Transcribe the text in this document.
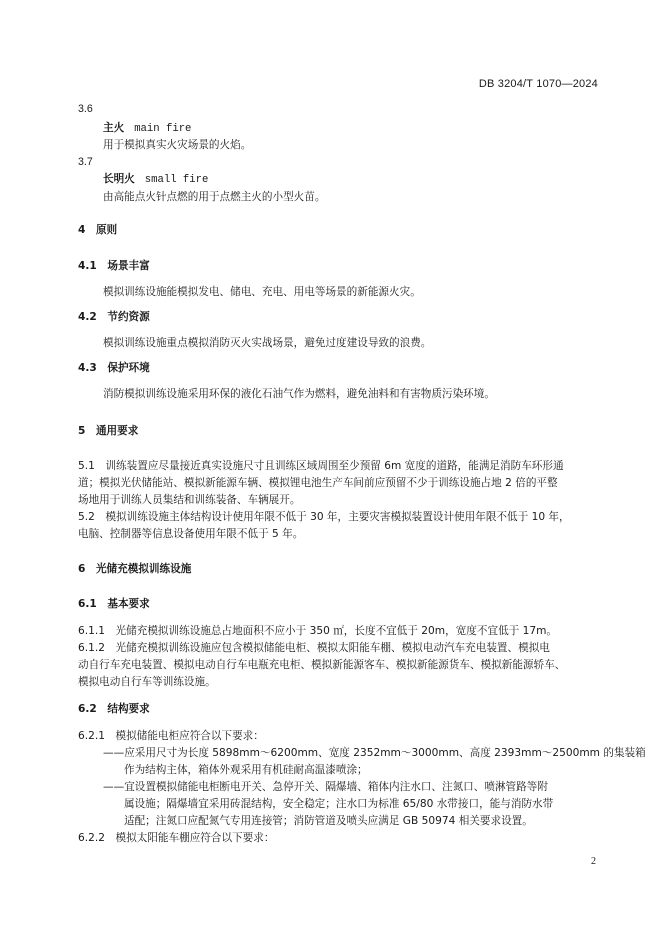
DB 3204/T 1070—2024
3.6
主火 main fire
用于模拟真实火灾场景的火焰。
3.7
长明火 small fire
由高能点火针点燃的用于点燃主火的小型火苗。
4　原则
4.1　场景丰富
模拟训练设施能模拟发电、储电、充电、用电等场景的新能源火灾。
4.2　节约资源
模拟训练设施重点模拟消防灭火实战场景，避免过度建设导致的浪费。
4.3　保护环境
消防模拟训练设施采用环保的液化石油气作为燃料，避免油料和有害物质污染环境。
5　通用要求
5.1　训练装置应尽量接近真实设施尺寸且训练区域周围至少预留 6m 宽度的道路，能满足消防车环形通
道；模拟光伏储能站、模拟新能源车辆、模拟锂电池生产车间前应预留不少于训练设施占地 2 倍的平整
场地用于训练人员集结和训练装备、车辆展开。
5.2　模拟训练设施主体结构设计使用年限不低于 30 年，主要灾害模拟装置设计使用年限不低于 10 年，
电脑、控制器等信息设备使用年限不低于 5 年。
6　光储充模拟训练设施
6.1　基本要求
6.1.1　光储充模拟训练设施总占地面积不应小于 350 ㎡，长度不宜低于 20m，宽度不宜低于 17m。
6.1.2　光储充模拟训练设施应包含模拟储能电柜、模拟太阳能车棚、模拟电动汽车充电装置、模拟电
动自行车充电装置、模拟电动自行车电瓶充电柜、模拟新能源客车、模拟新能源货车、模拟新能源轿车、
模拟电动自行车等训练设施。
6.2　结构要求
6.2.1　模拟储能电柜应符合以下要求：
——应采用尺寸为长度 5898mm～6200mm、宽度 2352mm～3000mm、高度 2393mm～2500mm 的集装箱
作为结构主体，箱体外观采用有机硅耐高温漆喷涂；
——宜设置模拟储能电柜断电开关、急停开关、隔爆墙、箱体内注水口、注氮口、喷淋管路等附
属设施；隔爆墙宜采用砖混结构，安全稳定；注水口为标准 65/80 水带接口，能与消防水带
适配；注氮口应配氮气专用连接管；消防管道及喷头应满足 GB 50974 相关要求设置。
6.2.2　模拟太阳能车棚应符合以下要求：
2
